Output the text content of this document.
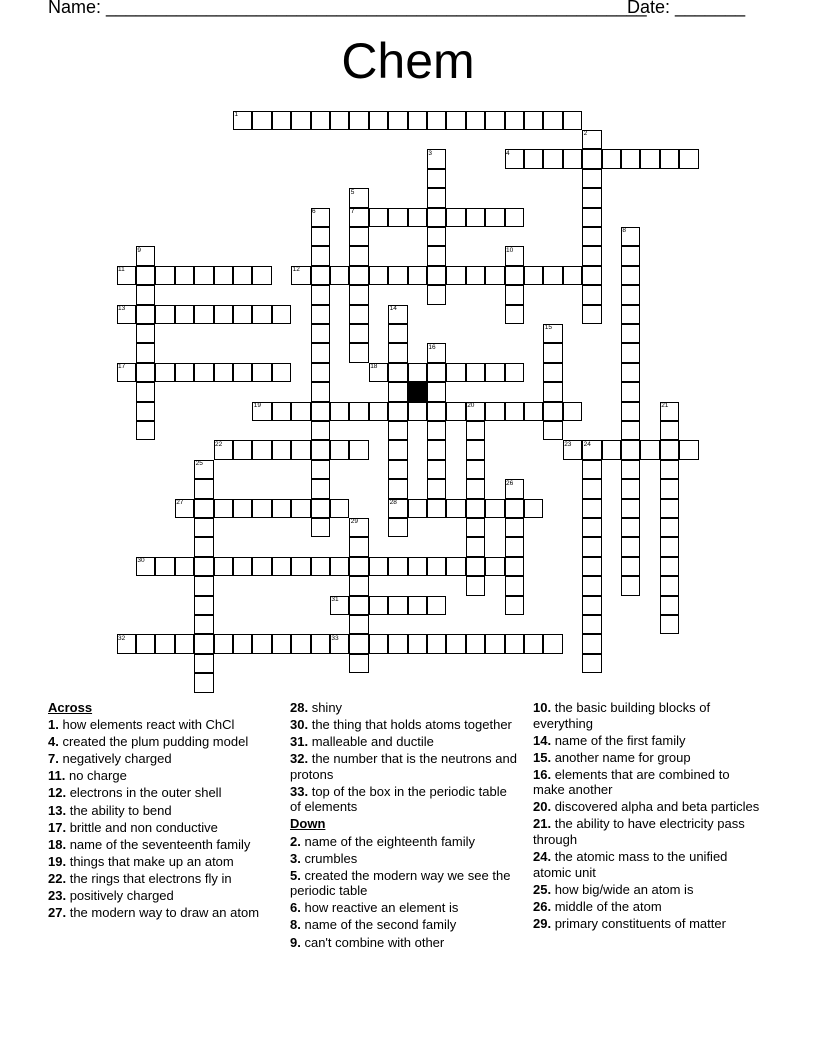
Name: ______________________________________________________
Date: _______
Chem
1
2
3	4
5
7
6
8
9	10
11	12
13	14
28
15
16
17	18
19	20	21
22	23 24
25
26
27
29
30
31
32	33
Across
1. how elements react with ChCl
4. created the plum pudding model
7. negatively charged
11. no charge
12. electrons in the outer shell
13. the ability to bend
17. brittle and non conductive
18. name of the seventeenth family
19. things that make up an atom
22. the rings that electrons fly in
23. positively charged
27. the modern way to draw an atom
28. shiny
30. the thing that holds atoms together
31. malleable and ductile
32. the number that is the neutrons and protons
33. top of the box in the periodic table of elements
Down
2. name of the eighteenth family
3. crumbles
5. created the modern way we see the periodic table
6. how reactive an element is
8. name of the second family
9. can't combine with other
10. the basic building blocks of everything
14. name of the first family
15. another name for group
16. elements that are combined to make another
20. discovered alpha and beta particles
21. the ability to have electricity pass through
24. the atomic mass to the unified atomic unit
25. how big/wide an atom is
26. middle of the atom
29. primary constituents of matter
